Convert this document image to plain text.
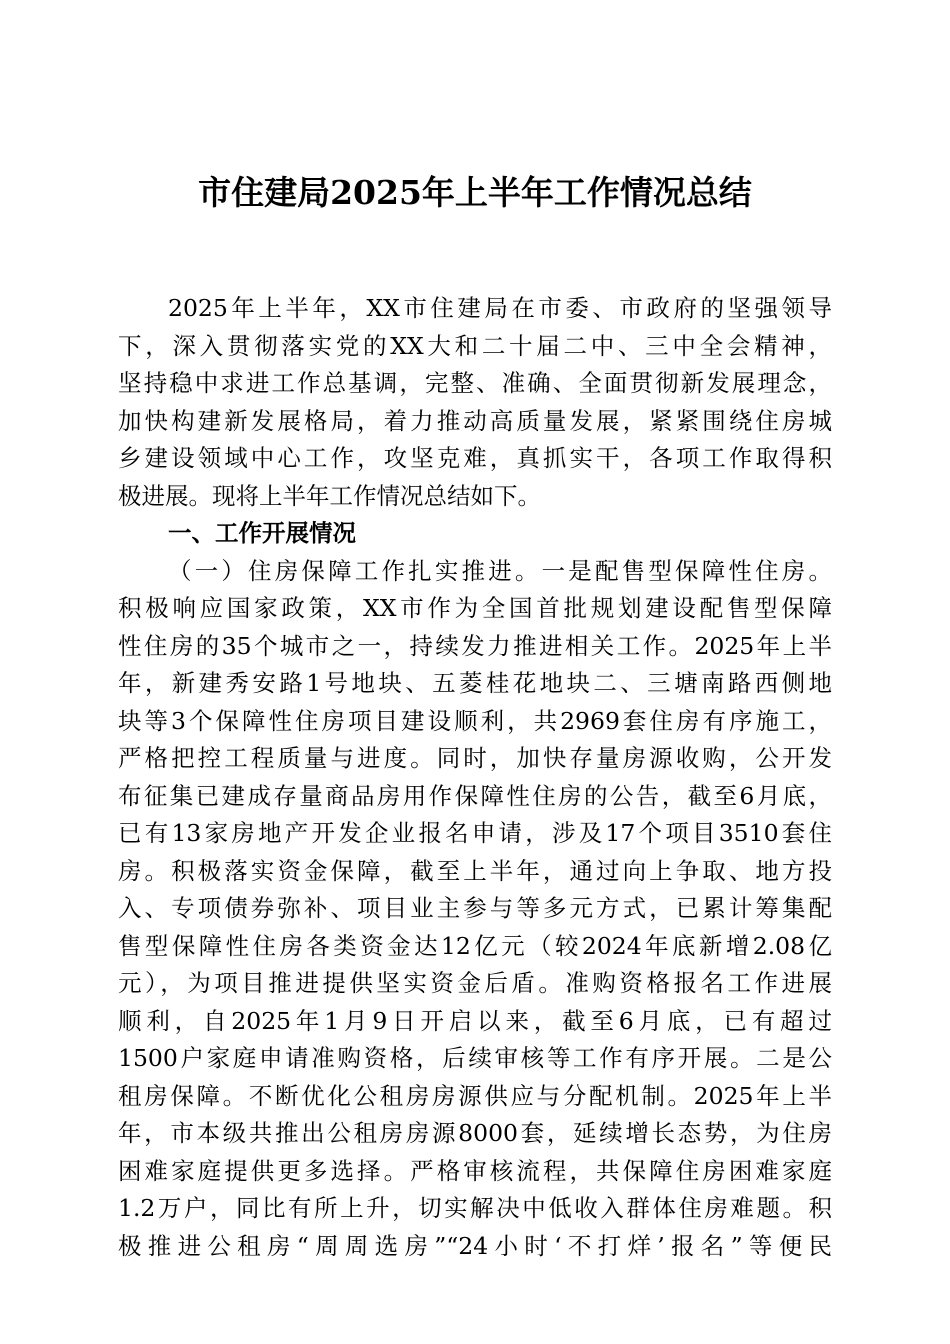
市住建局2025年上半年工作情况总结
2025年上半年，XX市住建局在市委、市政府的坚强领导
下，深入贯彻落实党的XX大和二十届二中、三中全会精神，
坚持稳中求进工作总基调，完整、准确、全面贯彻新发展理念，
加快构建新发展格局，着力推动高质量发展，紧紧围绕住房城
乡建设领域中心工作，攻坚克难，真抓实干，各项工作取得积
极进展。现将上半年工作情况总结如下。
一、工作开展情况
（一）住房保障工作扎实推进。一是配售型保障性住房。
积极响应国家政策，XX市作为全国首批规划建设配售型保障
性住房的35个城市之一，持续发力推进相关工作。2025年上半
年，新建秀安路1号地块、五菱桂花地块二、三塘南路西侧地
块等3个保障性住房项目建设顺利，共2969套住房有序施工，
严格把控工程质量与进度。同时，加快存量房源收购，公开发
布征集已建成存量商品房用作保障性住房的公告，截至6月底，
已有13家房地产开发企业报名申请，涉及17个项目3510套住
房。积极落实资金保障，截至上半年，通过向上争取、地方投
入、专项债券弥补、项目业主参与等多元方式，已累计筹集配
售型保障性住房各类资金达12亿元（较2024年底新增2.08亿
元），为项目推进提供坚实资金后盾。准购资格报名工作进展
顺利，自2025年1月9日开启以来，截至6月底，已有超过
1500户家庭申请准购资格，后续审核等工作有序开展。二是公
租房保障。不断优化公租房房源供应与分配机制。2025年上半
年，市本级共推出公租房房源8000套，延续增长态势，为住房
困难家庭提供更多选择。严格审核流程，共保障住房困难家庭
1.2万户，同比有所上升，切实解决中低收入群体住房难题。积
极推进公租房“周周选房”“24小时‘不打烊’报名”等便民
